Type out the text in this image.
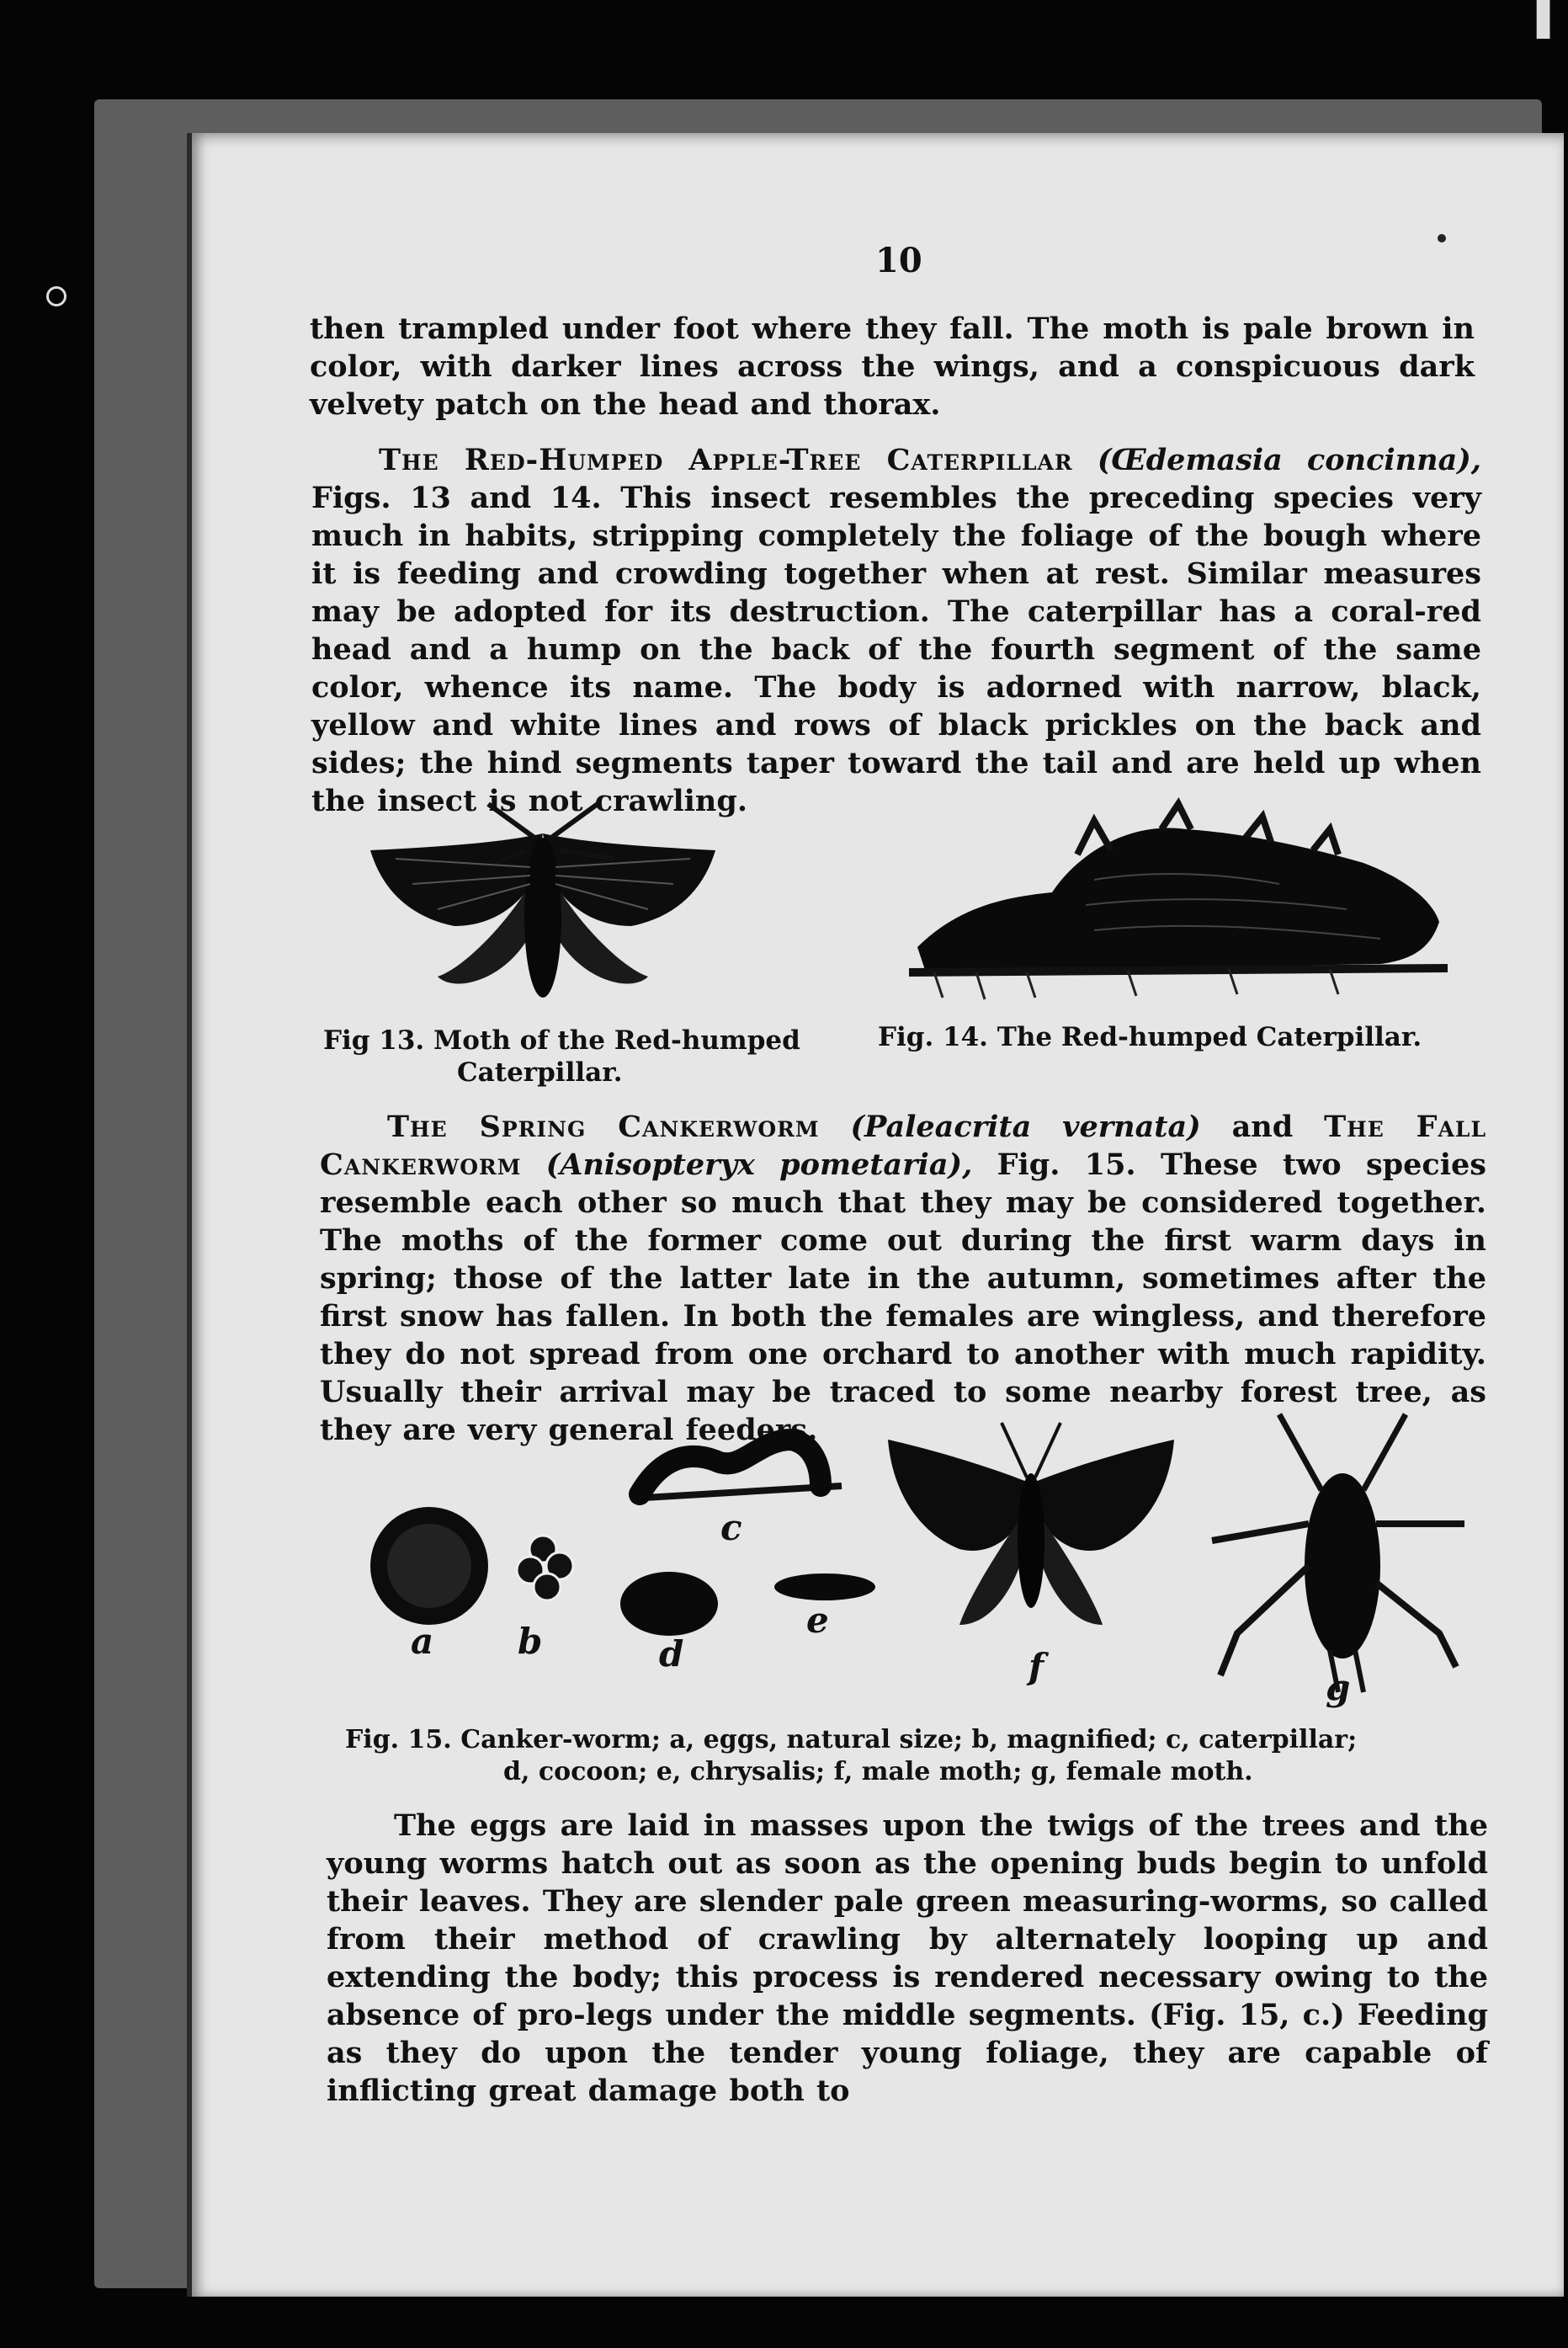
▐
10

then trampled under foot where they fall. The moth is pale brown in color, with darker lines across the wings, and a conspicuous dark velvety patch on the head and thorax.

The Red-Humped Apple-Tree Caterpillar (Œdemasia concinna), Figs. 13 and 14. This insect resembles the preceding species very much in habits, stripping completely the foliage of the bough where it is feeding and crowding together when at rest. Similar measures may be adopted for its destruction. The caterpillar has a coral-red head and a hump on the back of the fourth segment of the same color, whence its name. The body is adorned with narrow, black, yellow and white lines and rows of black prickles on the back and sides; the hind segments taper toward the tail and are held up when the insect is not crawling.

Fig 13. Moth of the Red-humped
Caterpillar.
Fig. 14. The Red-humped Caterpillar.

The Spring Cankerworm (Paleacrita vernata) and The Fall Cankerworm (Anisopteryx pometaria), Fig. 15. These two species resemble each other so much that they may be considered together. The moths of the former come out during the first warm days in spring; those of the latter late in the autumn, sometimes after the first snow has fallen. In both the females are wingless, and therefore they do not spread from one orchard to another with much rapidity. Usually their arrival may be traced to some nearby forest tree, as they are very general feeders.

a b
c
d
e
f
g
Fig. 15. Canker-worm; a, eggs, natural size; b, magnified; c, caterpillar;
d, cocoon; e, chrysalis; f, male moth; g, female moth.

The eggs are laid in masses upon the twigs of the trees and the young worms hatch out as soon as the opening buds begin to unfold their leaves. They are slender pale green measuring-worms, so called from their method of crawling by alternately looping up and extending the body; this process is rendered necessary owing to the absence of pro-legs under the middle segments. (Fig. 15, c.) Feeding as they do upon the tender young foliage, they are capable of inflicting great damage both to
